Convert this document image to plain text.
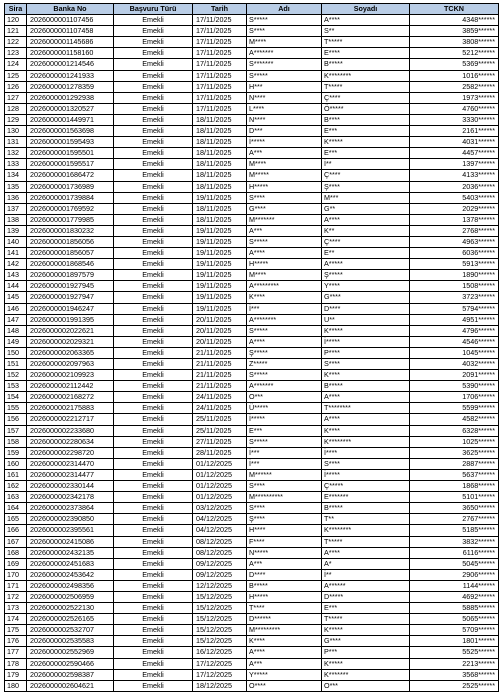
Sira	Banka No	Başvuru Türü	Tarih	Adı	Soyadı	TCKN
120	2026000001107456	Emekli	17/11/2025	S*****	A****	4348******
121	2026000001107458	Emekli	17/11/2025	S****	S**	3859******
122	2026000001145686	Emekli	17/11/2025	M****	T*****	3808******
123	2026000001158160	Emekli	17/11/2025	A*******	E****	5212******
124	2026000001214546	Emekli	17/11/2025	S*******	B*****	5369******
125	2026000001241933	Emekli	17/11/2025	S*****	K********	1016******
126	2026000001278359	Emekli	17/11/2025	H***	T*****	2582******
127	2026000001292938	Emekli	17/11/2025	N****	Ç****	1973******
128	2026000001320527	Emekli	17/11/2025	L****	Ö*****	4760******
129	2026000001449971	Emekli	18/11/2025	N****	B****	3330******
130	2026000001563698	Emekli	18/11/2025	D***	E***	2161******
131	2026000001595493	Emekli	18/11/2025	İ*****	K*****	4031******
132	2026000001595501	Emekli	18/11/2025	A***	E***	4457******
133	2026000001595517	Emekli	18/11/2025	M****	İ**	1397******
134	2026000001686472	Emekli	18/11/2025	M*****	Ç****	4133******
135	2026000001736989	Emekli	18/11/2025	H*****	Ş****	2036******
136	2026000001739884	Emekli	19/11/2025	S****	M***	5403******
137	2026000001769592	Emekli	18/11/2025	G****	G**	2029******
138	2026000001779985	Emekli	18/11/2025	M*******	A****	1378******
139	2026000001830232	Emekli	19/11/2025	A***	K**	2768******
140	2026000001856056	Emekli	19/11/2025	S*****	Ç****	4963******
141	2026000001856057	Emekli	19/11/2025	A****	E**	6036******
142	2026000001868546	Emekli	19/11/2025	H*****	A*****	5913******
143	2026000001897579	Emekli	19/11/2025	M****	Ş*****	1890******
144	2026000001927945	Emekli	19/11/2025	A*********	Y****	1508******
145	2026000001927947	Emekli	19/11/2025	K****	G****	3723******
146	2026000001946247	Emekli	19/11/2025	İ***	D****	5794******
147	2026000001991395	Emekli	20/11/2025	A********	U**	4951******
148	2026000002022621	Emekli	20/11/2025	S*****	K*****	4796******
149	2026000002029321	Emekli	20/11/2025	A****	İ*****	4546******
150	2026000002063365	Emekli	21/11/2025	Ş*****	P****	1045******
151	2026000002097963	Emekli	21/11/2025	Z*****	S****	4032******
152	2026000002109923	Emekli	21/11/2025	S*****	K****	2091******
153	2026000002112442	Emekli	21/11/2025	A*******	B*****	5390******
154	2026000002168272	Emekli	24/11/2025	O***	A****	1706******
155	2026000002175883	Emekli	24/11/2025	Ü*****	T********	5599******
156	2026000002212717	Emekli	25/11/2025	İ*****	A****	4582******
157	2026000002233680	Emekli	25/11/2025	E***	K****	6328******
158	2026000002280634	Emekli	27/11/2025	S*****	K********	1025******
159	2026000002298720	Emekli	28/11/2025	İ***	İ****	3625******
160	2026000002314470	Emekli	01/12/2025	İ***	S****	2887******
161	2026000002314477	Emekli	01/12/2025	M******	İ*****	5637******
162	2026000002330144	Emekli	01/12/2025	S****	Ç*****	1868******
163	2026000002342178	Emekli	01/12/2025	M**********	E*******	5101******
164	2026000002373864	Emekli	03/12/2025	S****	B*****	3650******
165	2026000002390850	Emekli	04/12/2025	Ş****	T**	2767******
166	2026000002395561	Emekli	04/12/2025	H****	K********	5185******
167	2026000002415086	Emekli	08/12/2025	F****	T*****	3832******
168	2026000002432135	Emekli	08/12/2025	N*****	A****	6116******
169	2026000002451683	Emekli	09/12/2025	A***	A*	5045******
170	2026000002453642	Emekli	09/12/2025	D****	İ**	2906******
171	2026000002498356	Emekli	12/12/2025	B*****	A******	1144******
172	2026000002506959	Emekli	15/12/2025	H*****	D*****	4692******
173	2026000002522130	Emekli	15/12/2025	T****	E***	5885******
174	2026000002526165	Emekli	15/12/2025	D******	T*****	5065******
175	2026000002532707	Emekli	15/12/2025	M*********	K*****	5709******
176	2026000002535583	Emekli	15/12/2025	K****	G****	1801******
177	2026000002552969	Emekli	16/12/2025	A****	P***	5525******
178	2026000002590466	Emekli	17/12/2025	A***	K*****	2213******
179	2026000002598387	Emekli	17/12/2025	Y*****	K*******	3568******
180	2026000002604621	Emekli	18/12/2025	O****	O***	2525******
